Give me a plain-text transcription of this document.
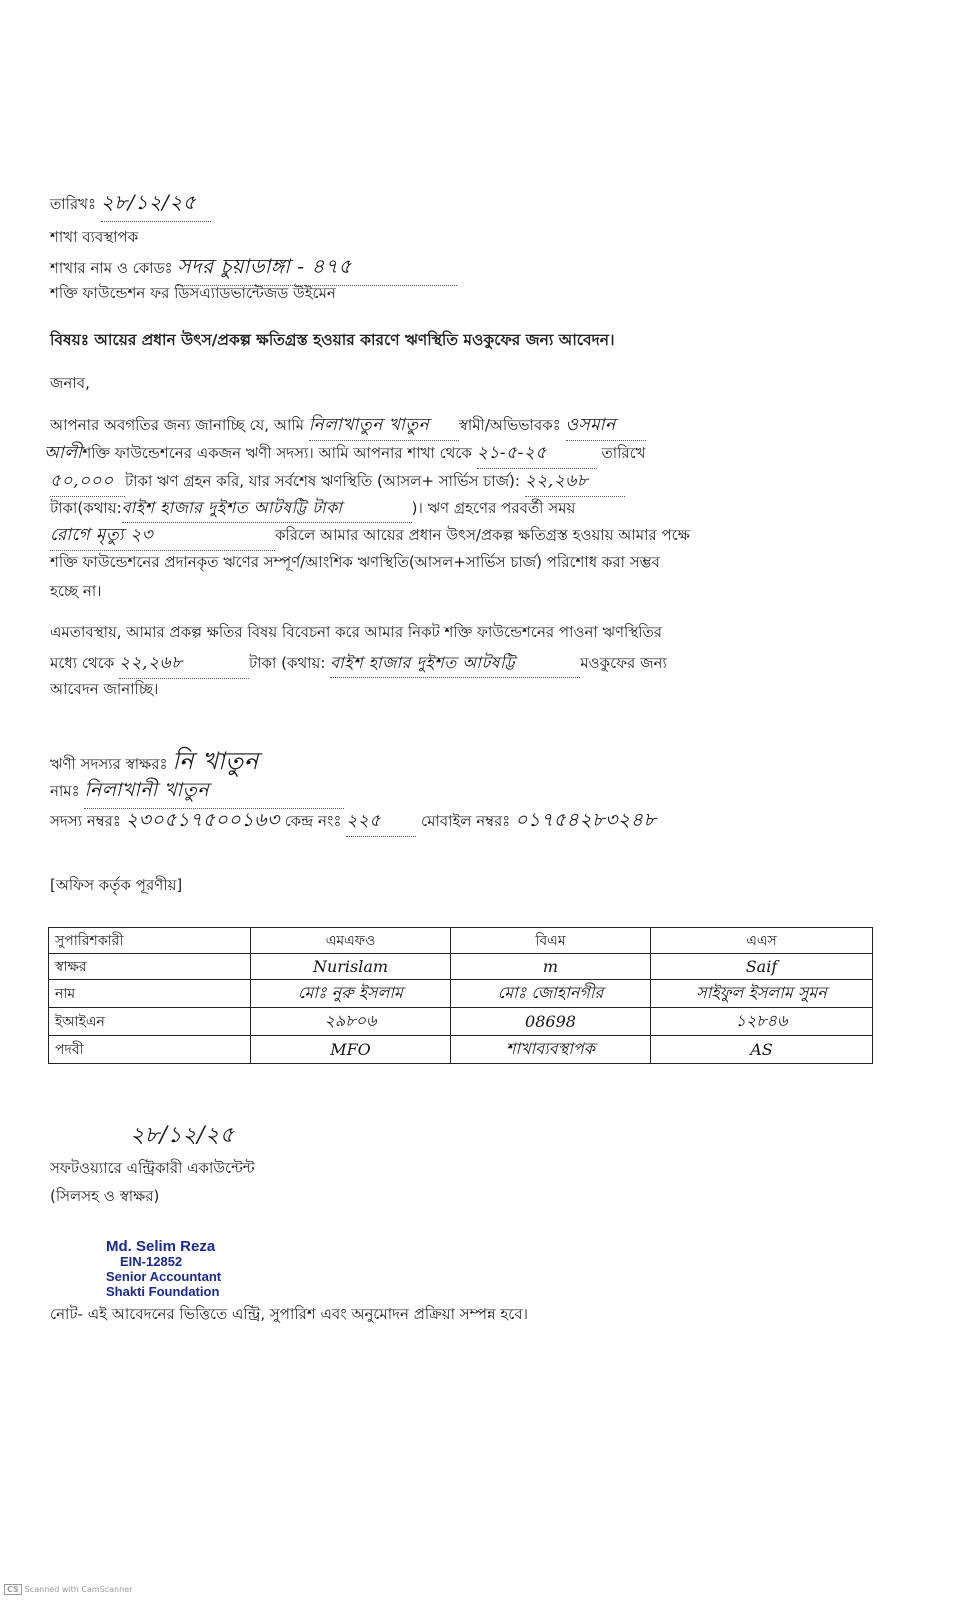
তারিখঃ ২৮/১২/২৫
শাখা ব্যবস্থাপক
শাখার নাম ও কোডঃ সদর চুয়াডাঙ্গা - ৪৭৫
শক্তি ফাউন্ডেশন ফর ডিসএ্যাডভান্টেজড উইমেন
বিষয়ঃ আয়ের প্রধান উৎস/প্রকল্প ক্ষতিগ্রস্ত হওয়ার কারণে ঋণস্থিতি মওকুফের জন্য আবেদন।
জনাব,
আপনার অবগতির জন্য জানাচ্ছি যে, আমি নিলাখাতুন খাতুন স্বামী/অভিভাবকঃ ওসমান
আলীশক্তি ফাউন্ডেশনের একজন ঋণী সদস্য। আমি আপনার শাখা থেকে ২১-৫-২৫	তারিখে
৫০,০০০ টাকা ঋণ গ্রহন করি, যার সর্বশেষ ঋণস্থিতি (আসল+ সার্ভিস চার্জ): ২২,২৬৮
টাকা(কথায়:বাইশ হাজার দুইশত আটষট্টি টাকা	)। ঋণ গ্রহণের পরবর্তী সময়
রোগে মৃত্যু ২৩	করিলে আমার আয়ের প্রধান উৎস/প্রকল্প ক্ষতিগ্রস্ত হওয়ায় আমার পক্ষে
শক্তি ফাউন্ডেশনের প্রদানকৃত ঋণের সম্পূর্ণ/আংশিক ঋণস্থিতি(আসল+সার্ভিস চার্জ) পরিশোধ করা সম্ভব
হচ্ছে না।
এমতাবস্থায়, আমার প্রকল্প ক্ষতির বিষয় বিবেচনা করে আমার নিকট শক্তি ফাউন্ডেশনের পাওনা ঋণস্থিতির
মধ্যে থেকে ২২,২৬৮	টাকা (কথায়: বাইশ হাজার দুইশত আটষট্টি	মওকুফের জন্য
আবেদন জানাচ্ছি।
ঋণী সদস্যর স্বাক্ষরঃ নি খাতুন
নামঃ নিলাখানী খাতুন
সদস্য নম্বরঃ ২৩০৫১৭৫০০১৬৩ কেন্দ্র নংঃ ২২৫	মোবাইল নম্বরঃ ০১৭৫৪২৮৩২৪৮
[অফিস কর্তৃক পূরণীয়]
সুপারিশকারী	এমএফও	বিএম	এএস
স্বাক্ষর	Nurislam	m	Saif
নাম	মোঃ নুরু ইসলাম	মোঃ জোহানগীর	সাইফুল ইসলাম সুমন
ইআইএন	২৯৮০৬	08698	১২৮৪৬
পদবী	MFO	শাখাব্যবস্থাপক	AS
২৮/১২/২৫
সফটওয়্যারে এন্ট্রিকারী একাউন্টেন্ট
(সিলসহ ও স্বাক্ষর)
Md. Selim Reza
EIN-12852
Senior Accountant
Shakti Foundation
নোট- এই আবেদনের ভিত্তিতে এন্ট্রি, সুপারিশ এবং অনুমোদন প্রক্রিয়া সম্পন্ন হবে।
CS Scanned with CamScanner
